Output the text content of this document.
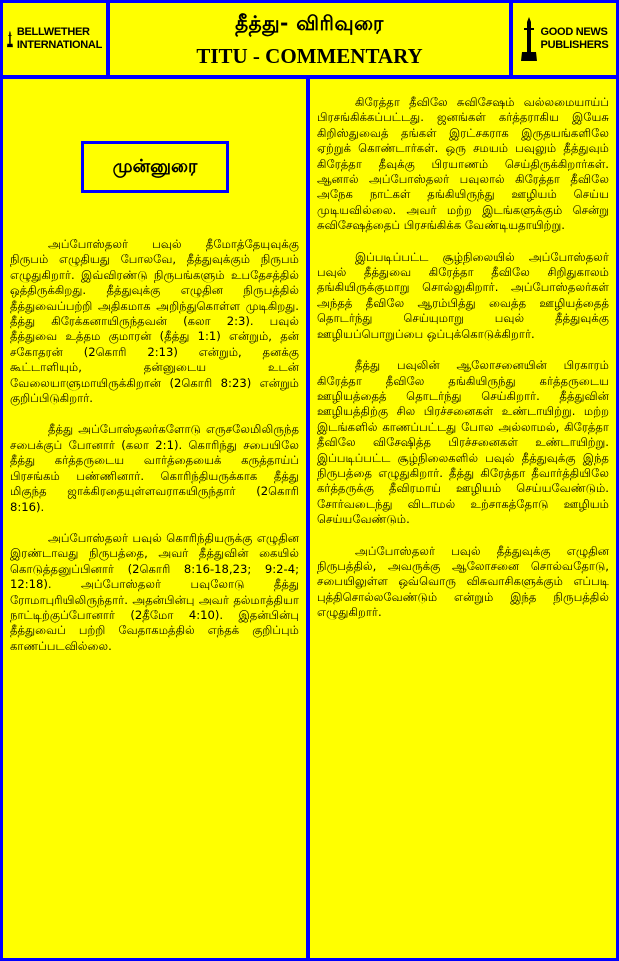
BELLWETHER
INTERNATIONAL
தீத்து- விரிவுரை
TITU - COMMENTARY
GOOD NEWS
PUBLISHERS
முன்னுரை

அப்போஸ்தலர் பவுல் தீமோத்தேயுவுக்கு நிருபம் எழுதியது போலவே, தீத்துவுக்கும் நிருபம் எழுதுகிறார். இவ்விரண்டு நிருபங்களும் உபதேசத்தில் ஒத்திருக்கிறது. தீத்துவுக்கு எழுதின நிருபத்தில் தீத்துவைப்பற்றி அதிகமாக அறிந்துகொள்ள முடிகிறது. தீத்து கிரேக்கனாயிருந்தவன் (கலா 2:3). பவுல் தீத்துவை உத்தம குமாரன் (தீத்து 1:1) என்றும், தன் சகோதரன் (2கொரி 2:13) என்றும், தனக்கு கூட்டாளியும், தன்னுடைய உடன் வேலையாளுமாயிருக்கிறான் (2கொரி 8:23) என்றும் குறிப்பிடுகிறார்.

தீத்து அப்போஸ்தலர்களோடு எருசலேமிலிருந்த சபைக்குப் போனார் (கலா 2:1). கொரிந்து சபையிலே தீத்து கர்த்தருடைய வார்த்தையைக் கருத்தாய்ப் பிரசங்கம் பண்ணினார். கொரிந்தியருக்காக தீத்து மிகுந்த ஜாக்கிரதையுள்ளவராகயிருந்தார் (2கொரி 8:16).

அப்போஸ்தலர் பவுல் கொரிந்தியருக்கு எழுதின இரண்டாவது நிருபத்தை, அவர் தீத்துவின் கையில் கொடுத்தனுப்பினார் (2கொரி 8:16-18,23; 9:2-4; 12:18). அப்போஸ்தலர் பவுலோடு தீத்து ரோமாபுரியிலிருந்தார். அதன்பின்பு அவர் தல்மாத்தியா நாட்டிற்குப்போனார் (2தீமோ 4:10). இதன்பின்பு தீத்துவைப் பற்றி வேதாகமத்தில் எந்தக் குறிப்பும் காணப்படவில்லை.

கிரேத்தா தீவிலே சுவிசேஷம் வல்லமையாய்ப் பிரசங்கிக்கப்பட்டது. ஜனங்கள் கர்த்தராகிய இயேசு கிறிஸ்துவைத் தங்கள் இரட்சகராக இருதயங்களிலே ஏற்றுக் கொண்டார்கள். ஒரு சமயம் பவுலும் தீத்துவும் கிரேத்தா தீவுக்கு பிரயாணம் செய்திருக்கிறார்கள். ஆனால் அப்போஸ்தலர் பவுலால் கிரேத்தா தீவிலே அநேக நாட்கள் தங்கியிருந்து ஊழியம் செய்ய முடியவில்லை. அவர் மற்ற இடங்களுக்கும் சென்று சுவிசேஷத்தைப் பிரசங்கிக்க வேண்டியதாயிற்று.

இப்படிப்பட்ட சூழ்நிலையில் அப்போஸ்தலர் பவுல் தீத்துவை கிரேத்தா தீவிலே சிறிதுகாலம் தங்கியிருக்குமாறு சொல்லுகிறார். அப்போஸ்தலர்கள் அந்தத் தீவிலே ஆரம்பித்து வைத்த ஊழியத்தைத் தொடர்ந்து செய்யுமாறு பவுல் தீத்துவுக்கு ஊழியப்பொறுப்பை ஒப்புக்கொடுக்கிறார்.

தீத்து பவுலின் ஆலோசனையின் பிரகாரம் கிரேத்தா தீவிலே தங்கியிருந்து கர்த்தருடைய ஊழியத்தைத் தொடர்ந்து செய்கிறார். தீத்துவின் ஊழியத்திற்கு சில பிரச்சனைகள் உண்டாயிற்று. மற்ற இடங்களில் காணப்பட்டது போல அல்லாமல், கிரேத்தா தீவிலே விசேஷித்த பிரச்சனைகள் உண்டாயிற்று. இப்படிப்பட்ட சூழ்நிலைகளில் பவுல் தீத்துவுக்கு இந்த நிருபத்தை எழுதுகிறார். தீத்து கிரேத்தா தீவார்த்தியிலே கர்த்தருக்கு தீவிரமாய் ஊழியம் செய்யவேண்டும். சோர்வடைந்து விடாமல் உற்சாகத்தோடு ஊழியம் செய்யவேண்டும்.

அப்போஸ்தலர் பவுல் தீத்துவுக்கு எழுதின நிருபத்தில், அவருக்கு ஆலோசனை சொல்வதோடு, சபையிலுள்ள ஒவ்வொரு விசுவாசிகளுக்கும் எப்படி புத்திசொல்லவேண்டும் என்றும் இந்த நிருபத்தில் எழுதுகிறார்.
